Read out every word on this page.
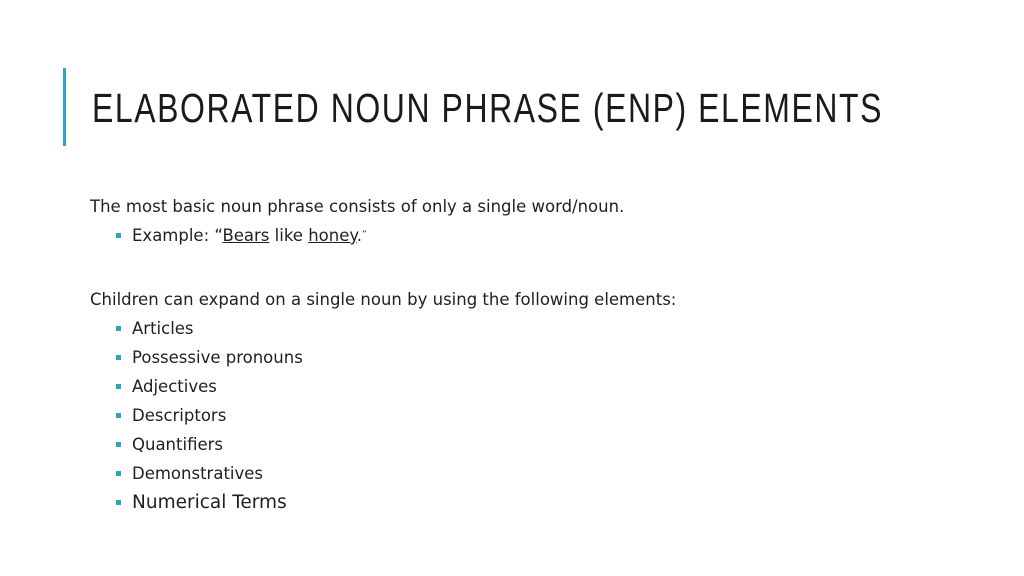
ELABORATED NOUN PHRASE (ENP) ELEMENTS
The most basic noun phrase consists of only a single word/noun.
Example: “Bears like honey.”
Children can expand on a single noun by using the following elements:
Articles
Possessive pronouns
Adjectives
Descriptors
Quantifiers
Demonstratives
Numerical Terms
